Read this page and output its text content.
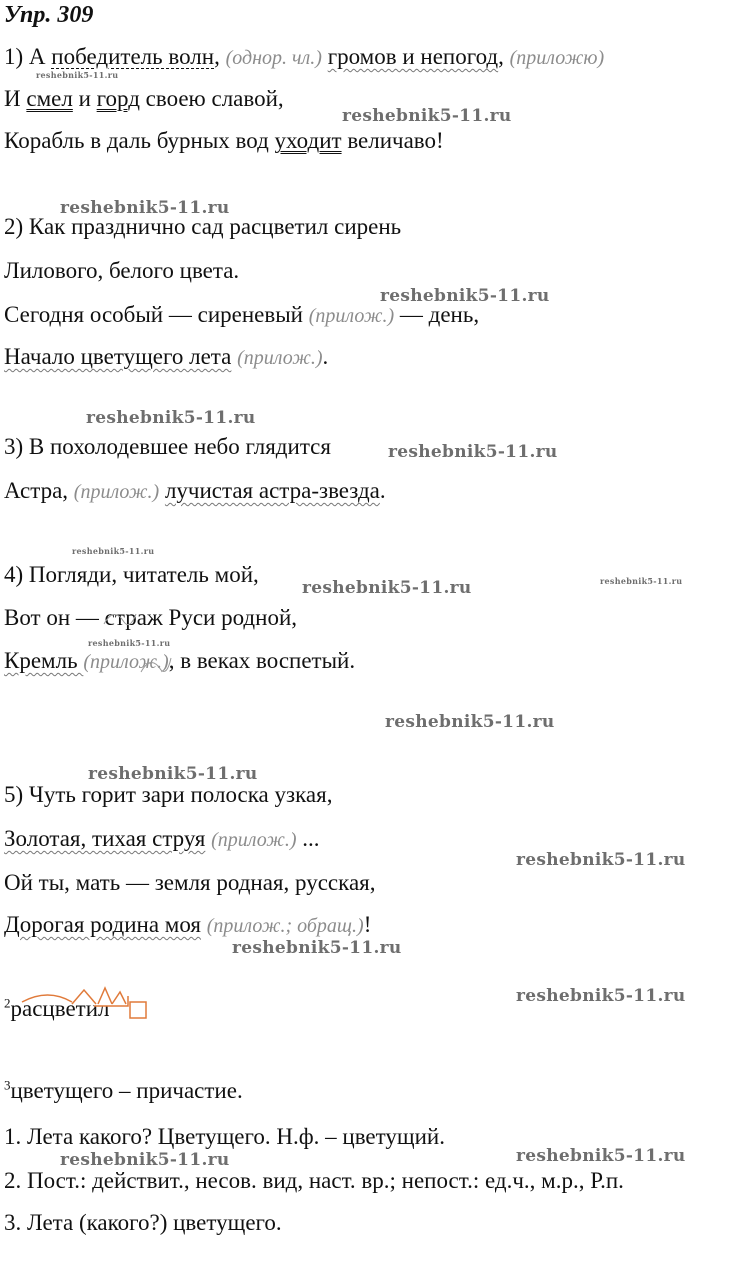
Упр. 309
1) А победитель волн, (однор. чл.) громов и непогод, (приложю)
И смел и горд своею славой,
Корабль в даль бурных вод уходит величаво!
2) Как празднично сад расцветил сирень
Лилового, белого цвета.
Сегодня особый — сиреневый (прилож.) — день,
Начало цветущего лета (прилож.).
3) В похолодевшее небо глядится
Астра, (прилож.) лучистая астра-звезда.
4) Погляди, читатель мой,
Вот он — страж Руси родной,
Кремль (прилож.), в веках воспетый.
5) Чуть горит зари полоска узкая,
Золотая, тихая струя (прилож.) ...
Ой ты, мать — земля родная, русская,
Дорогая родина моя (прилож.; обращ.)!
$^2$расцветил
$^3$цветущего – причастие.
1. Лета какого? Цветущего. Н.ф. – цветущий.
2. Пост.: действит., несов. вид, наст. вр.; непост.: ед.ч., м.р., Р.п.
3. Лета (какого?) цветущего.
reshebnik5-11.ru
reshebnik5-11.ru
reshebnik5-11.ru
reshebnik5-11.ru
reshebnik5-11.ru
reshebnik5-11.ru
reshebnik5-11.ru
reshebnik5-11.ru	reshebnik5-11.ru
reshebnik5-11.ru
reshebnik5-11.ru
reshebnik5-11.ru
reshebnik5-11.ru
reshebnik5-11.ru
reshebnik5-11.ru
reshebnik5-11.ru
reshebnik5-11.ru
